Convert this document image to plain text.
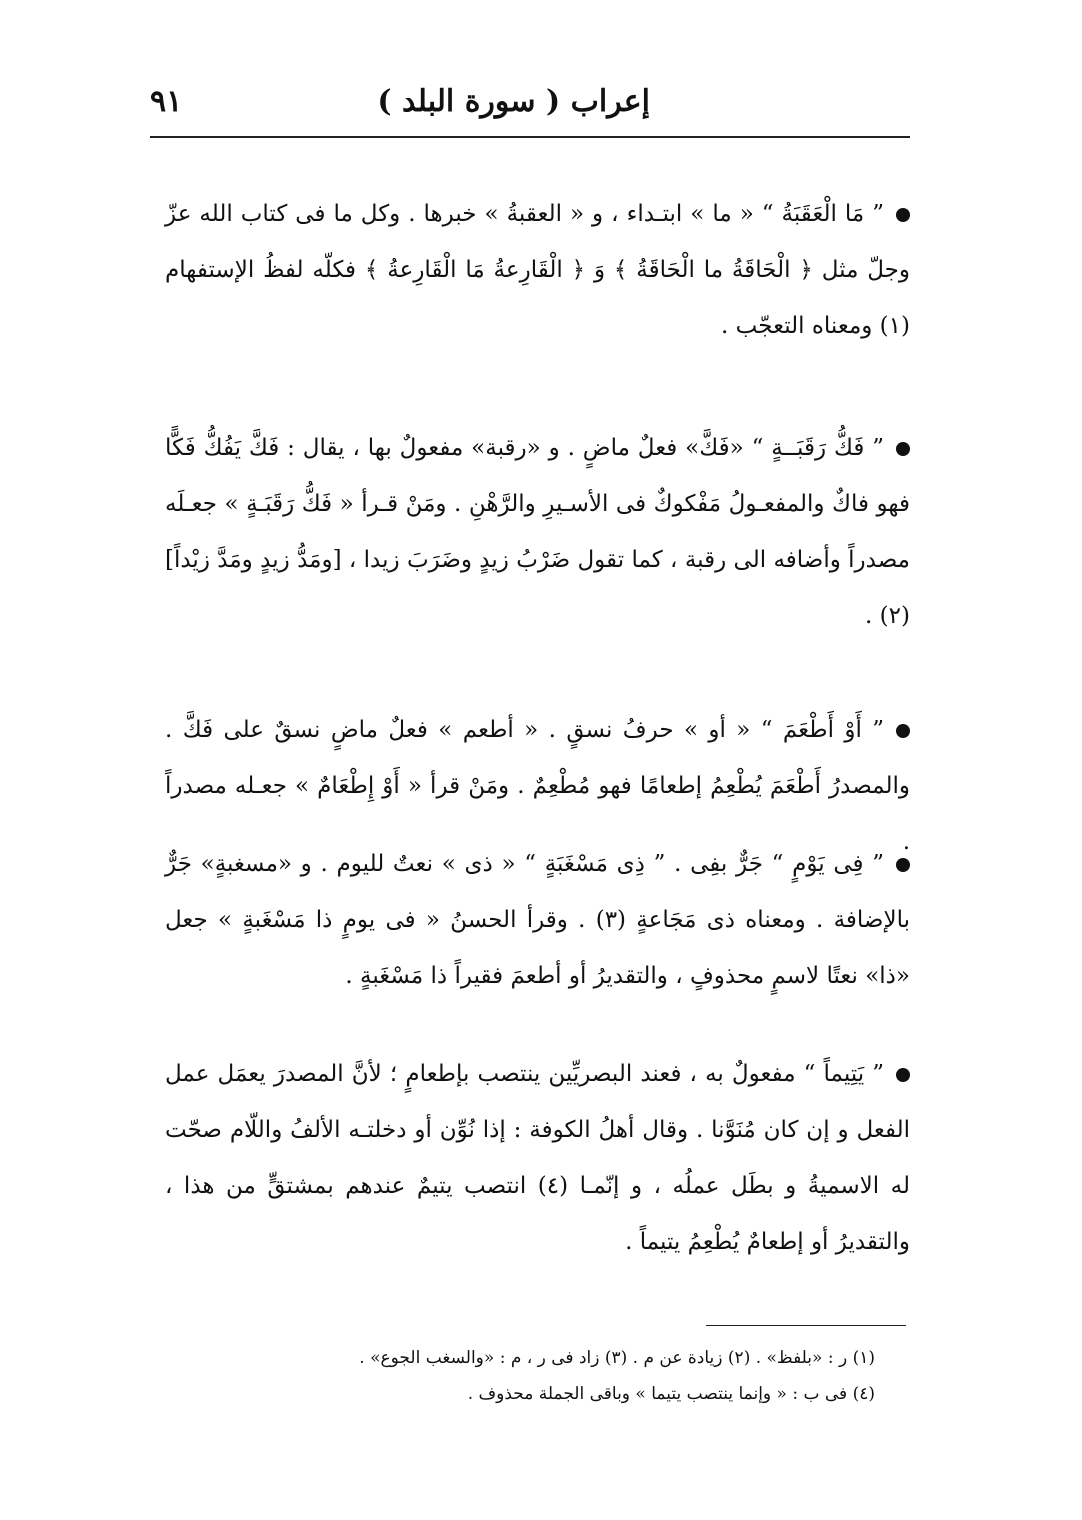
إعراب ( سورة البلد )
٩١

” مَا الْعَقَبَةُ “ « ما » ابتـداء ، و « العقبةُ » خبرها . وكل ما فى كتاب الله عزّ وجلّ مثل ﴿ الْحَاقَةُ ما الْحَاقَةُ ﴾ وَ ﴿ الْقَارِعةُ مَا الْقَارِعةُ ﴾ فكلّه لفظُ الإستفهام (١) ومعناه التعجّب .

” فَكُّ رَقَبَــةٍ “ «فَكَّ» فعلٌ ماضٍ . و «رقبة» مفعولٌ بها ، يقال : فَكَّ يَفُكُّ فَكًّا فهو فاكٌ والمفعـولُ مَفْكوكٌ فى الأسـيرِ والرَّهْنِ . ومَنْ قـرأ « فَكُّ رَقَبَـةٍ » جعـلَه مصدراً وأضافه الى رقبة ، كما تقول ضَرْبُ زيدٍ وضَرَبَ زيدا ، [ومَدُّ زيدٍ ومَدَّ زيْداً] (٢) .

” أَوْ أَطْعَمَ “ « أو » حرفُ نسقٍ . « أطعم » فعلٌ ماضٍ نسقٌ على فَكَّ . والمصدرُ أَطْعَمَ يُطْعِمُ إطعامًا فهو مُطْعِمٌ . ومَنْ قرأ « أَوْ إِطْعَامٌ » جعـله مصدراً .

” فِى يَوْمٍ “ جَرٌّ بفِى . ” ذِى مَسْغَبَةٍ “ « ذى » نعتٌ لليوم . و «مسغبةٍ» جَرٌّ بالإضافة . ومعناه ذى مَجَاعةٍ (٣) . وقرأ الحسنُ « فى يومٍ ذا مَسْغَبةٍ » جعل «ذا» نعتًا لاسمٍ محذوفٍ ، والتقديرُ أو أطعمَ فقيراً ذا مَسْغَبةٍ .

” يَتِيماً “ مفعولٌ به ، فعند البصريِّين ينتصب بإطعامٍ ؛ لأنَّ المصدرَ يعمَل عمل الفعل و إن كان مُنَوَّنا . وقال أهلُ الكوفة : إذا نُوِّن أو دخلتـه الألفُ واللّام صحّت له الاسميةُ و بطَل عملُه ، و إنّمـا (٤) انتصب يتيمٌ عندهم بمشتقٍّ من هذا ، والتقديرُ أو إطعامٌ يُطْعِمُ يتيماً .

(١) ر : «بلفظ» . (٢) زيادة عن م . (٣) زاد فى ر ، م : «والسغب الجوع» .

(٤) فى ب : « وإنما ينتصب يتيما » وباقى الجملة محذوف .
